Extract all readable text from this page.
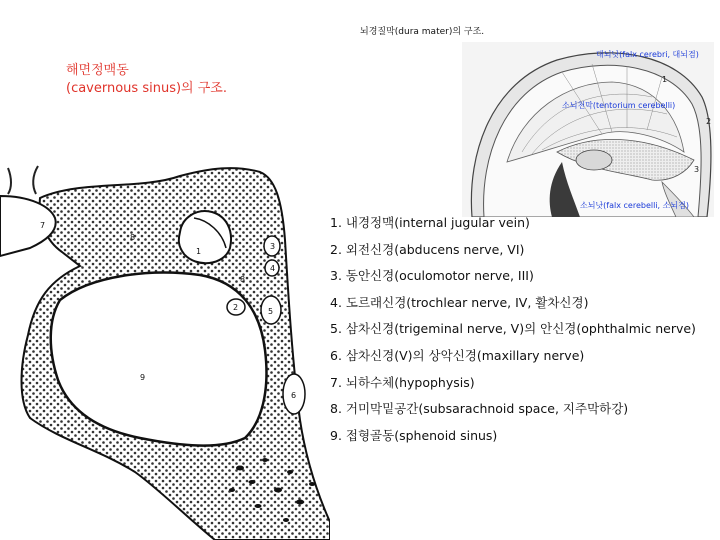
뇌경질막(dura mater)의 구조.
해면정맥동
(cavernous sinus)의 구조.
대뇌낫(falx cerebri, 대뇌겸)
1
소뇌천막(tentorium cerebelli)
2
3
소뇌낫(falx cerebelli, 소뇌겸)
1
2
3
4
5
6
7
8
8
9
1. 내경정맥(internal jugular vein)
2. 외전신경(abducens nerve, VI)
3. 동안신경(oculomotor nerve, III)
4. 도르래신경(trochlear nerve, IV, 활차신경)
5. 삼차신경(trigeminal nerve, V)의 안신경(ophthalmic nerve)
6. 삼차신경(V)의 상악신경(maxillary nerve)
7. 뇌하수체(hypophysis)
8. 거미막밑공간(subsarachnoid space, 지주막하강)
9. 접형골동(sphenoid sinus)
